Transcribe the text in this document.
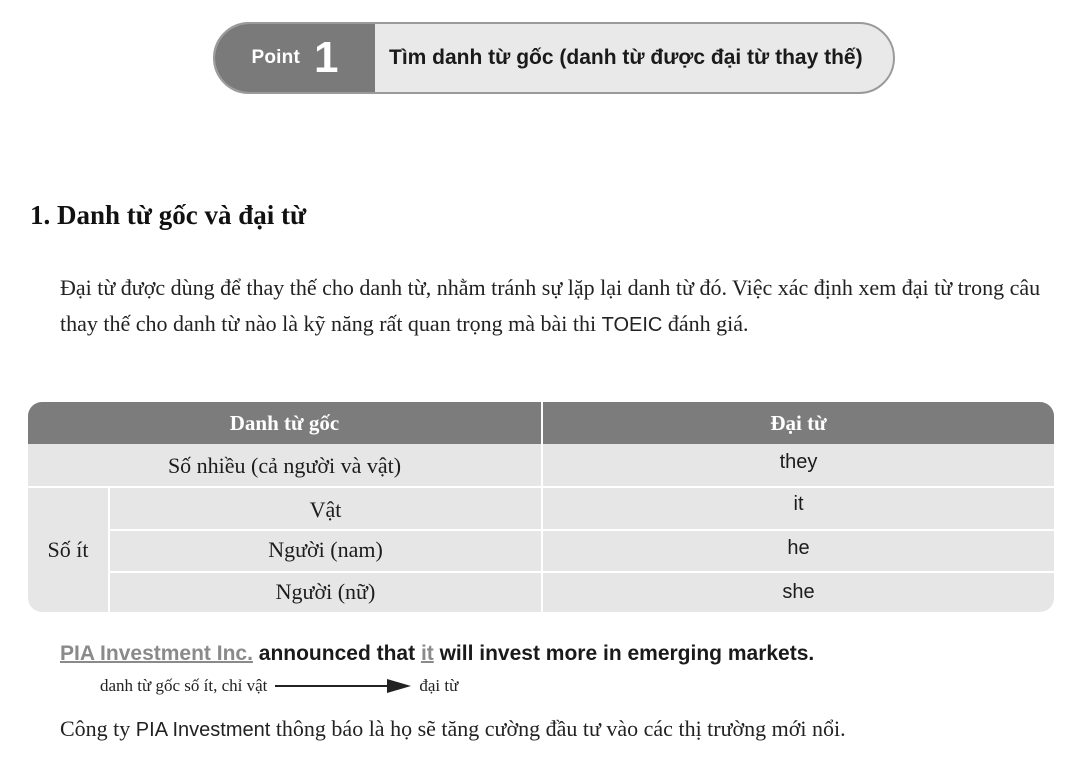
Point 1	Tìm danh từ gốc (danh từ được đại từ thay thế)
1. Danh từ gốc và đại từ
Đại từ được dùng để thay thế cho danh từ, nhằm tránh sự lặp lại danh từ đó. Việc xác định xem đại từ trong câu thay thế cho danh từ nào là kỹ năng rất quan trọng mà bài thi TOEIC đánh giá.
Danh từ gốc	Đại từ
Số nhiều (cả người và vật)	they
Số ít
Vật	it
Người (nam)	he
Người (nữ)	she
PIA Investment Inc. announced that it will invest more in emerging markets.
danh từ gốc số ít, chỉ vật	đại từ
Công ty PIA Investment thông báo là họ sẽ tăng cường đầu tư vào các thị trường mới nổi.
